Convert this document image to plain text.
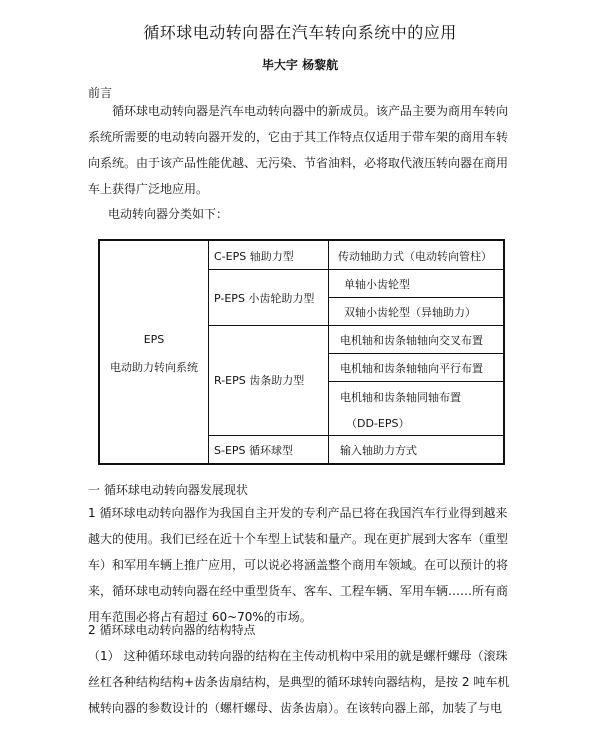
循环球电动转向器在汽车转向系统中的应用
毕大宇 杨黎航
前言
循环球电动转向器是汽车电动转向器中的新成员。该产品主要为商用车转向系统所需要的电动转向器开发的，它由于其工作特点仅适用于带车架的商用车转向系统。由于该产品性能优越、无污染、节省油料，必将取代液压转向器在商用车上获得广泛地应用。
电动转向器分类如下：
EPS
电动助力转向系统
C-EPS 轴助力型
P-EPS 小齿轮助力型
R-EPS 齿条助力型
S-EPS 循环球型
传动轴助力式（电动转向管柱）
单轴小齿轮型
双轴小齿轮型（异轴助力）
电机轴和齿条轴轴向交叉布置
电机轴和齿条轴轴向平行布置
电机轴和齿条轴同轴布置
（DD-EPS）
输入轴助力方式
一 循环球电动转向器发展现状
1 循环球电动转向器作为我国自主开发的专利产品已将在我国汽车行业得到越来越大的使用。我们已经在近十个车型上试装和量产。现在更扩展到大客车（重型车）和军用车辆上推广应用，可以说必将涵盖整个商用车领域。在可以预计的将来，循环球电动转向器在经中重型货车、客车、工程车辆、军用车辆……所有商用车范围必将占有超过 60~70%的市场。
2 循环球电动转向器的结构特点
（1） 这种循环球电动转向器的结构在主传动机构中采用的就是螺杆螺母（滚珠丝杠各种结构结构+齿条齿扇结构，是典型的循环球转向器结构，是按 2 吨车机械转向器的参数设计的（螺杆螺母、齿条齿扇）。在该转向器上部，加装了与电
